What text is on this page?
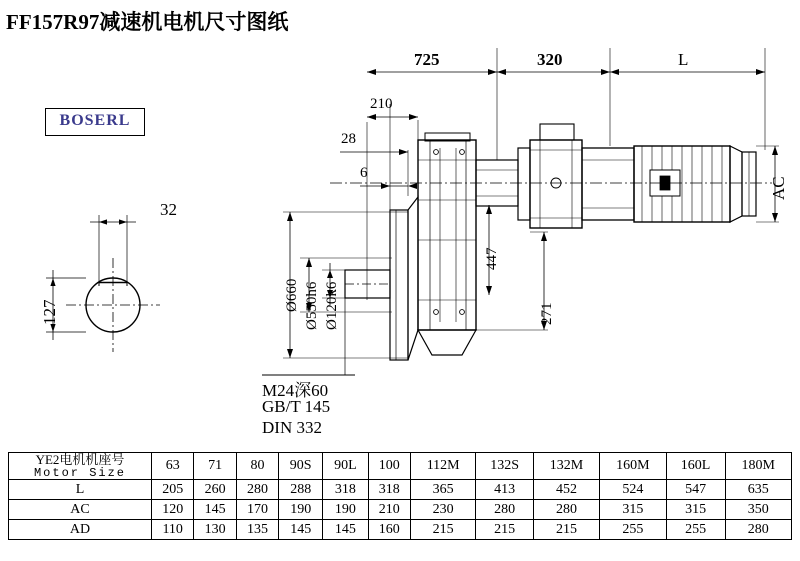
FF157R97减速机电机尺寸图纸
BOSERL
725	320	L
210
28
6
32
127
Ø660 Ø550h6 Ø120k6
447
271
AC
M24深60
GB/T 145
DIN 332
YE2电机机座号
Motor Size	63	71	80	90S	90L	100	112M	132S	132M	160M	160L	180M
L	205	260	280	288	318	318	365	413	452	524	547	635
AC	120	145	170	190	190	210	230	280	280	315	315	350
AD	110	130	135	145	145	160	215	215	215	255	255	280
